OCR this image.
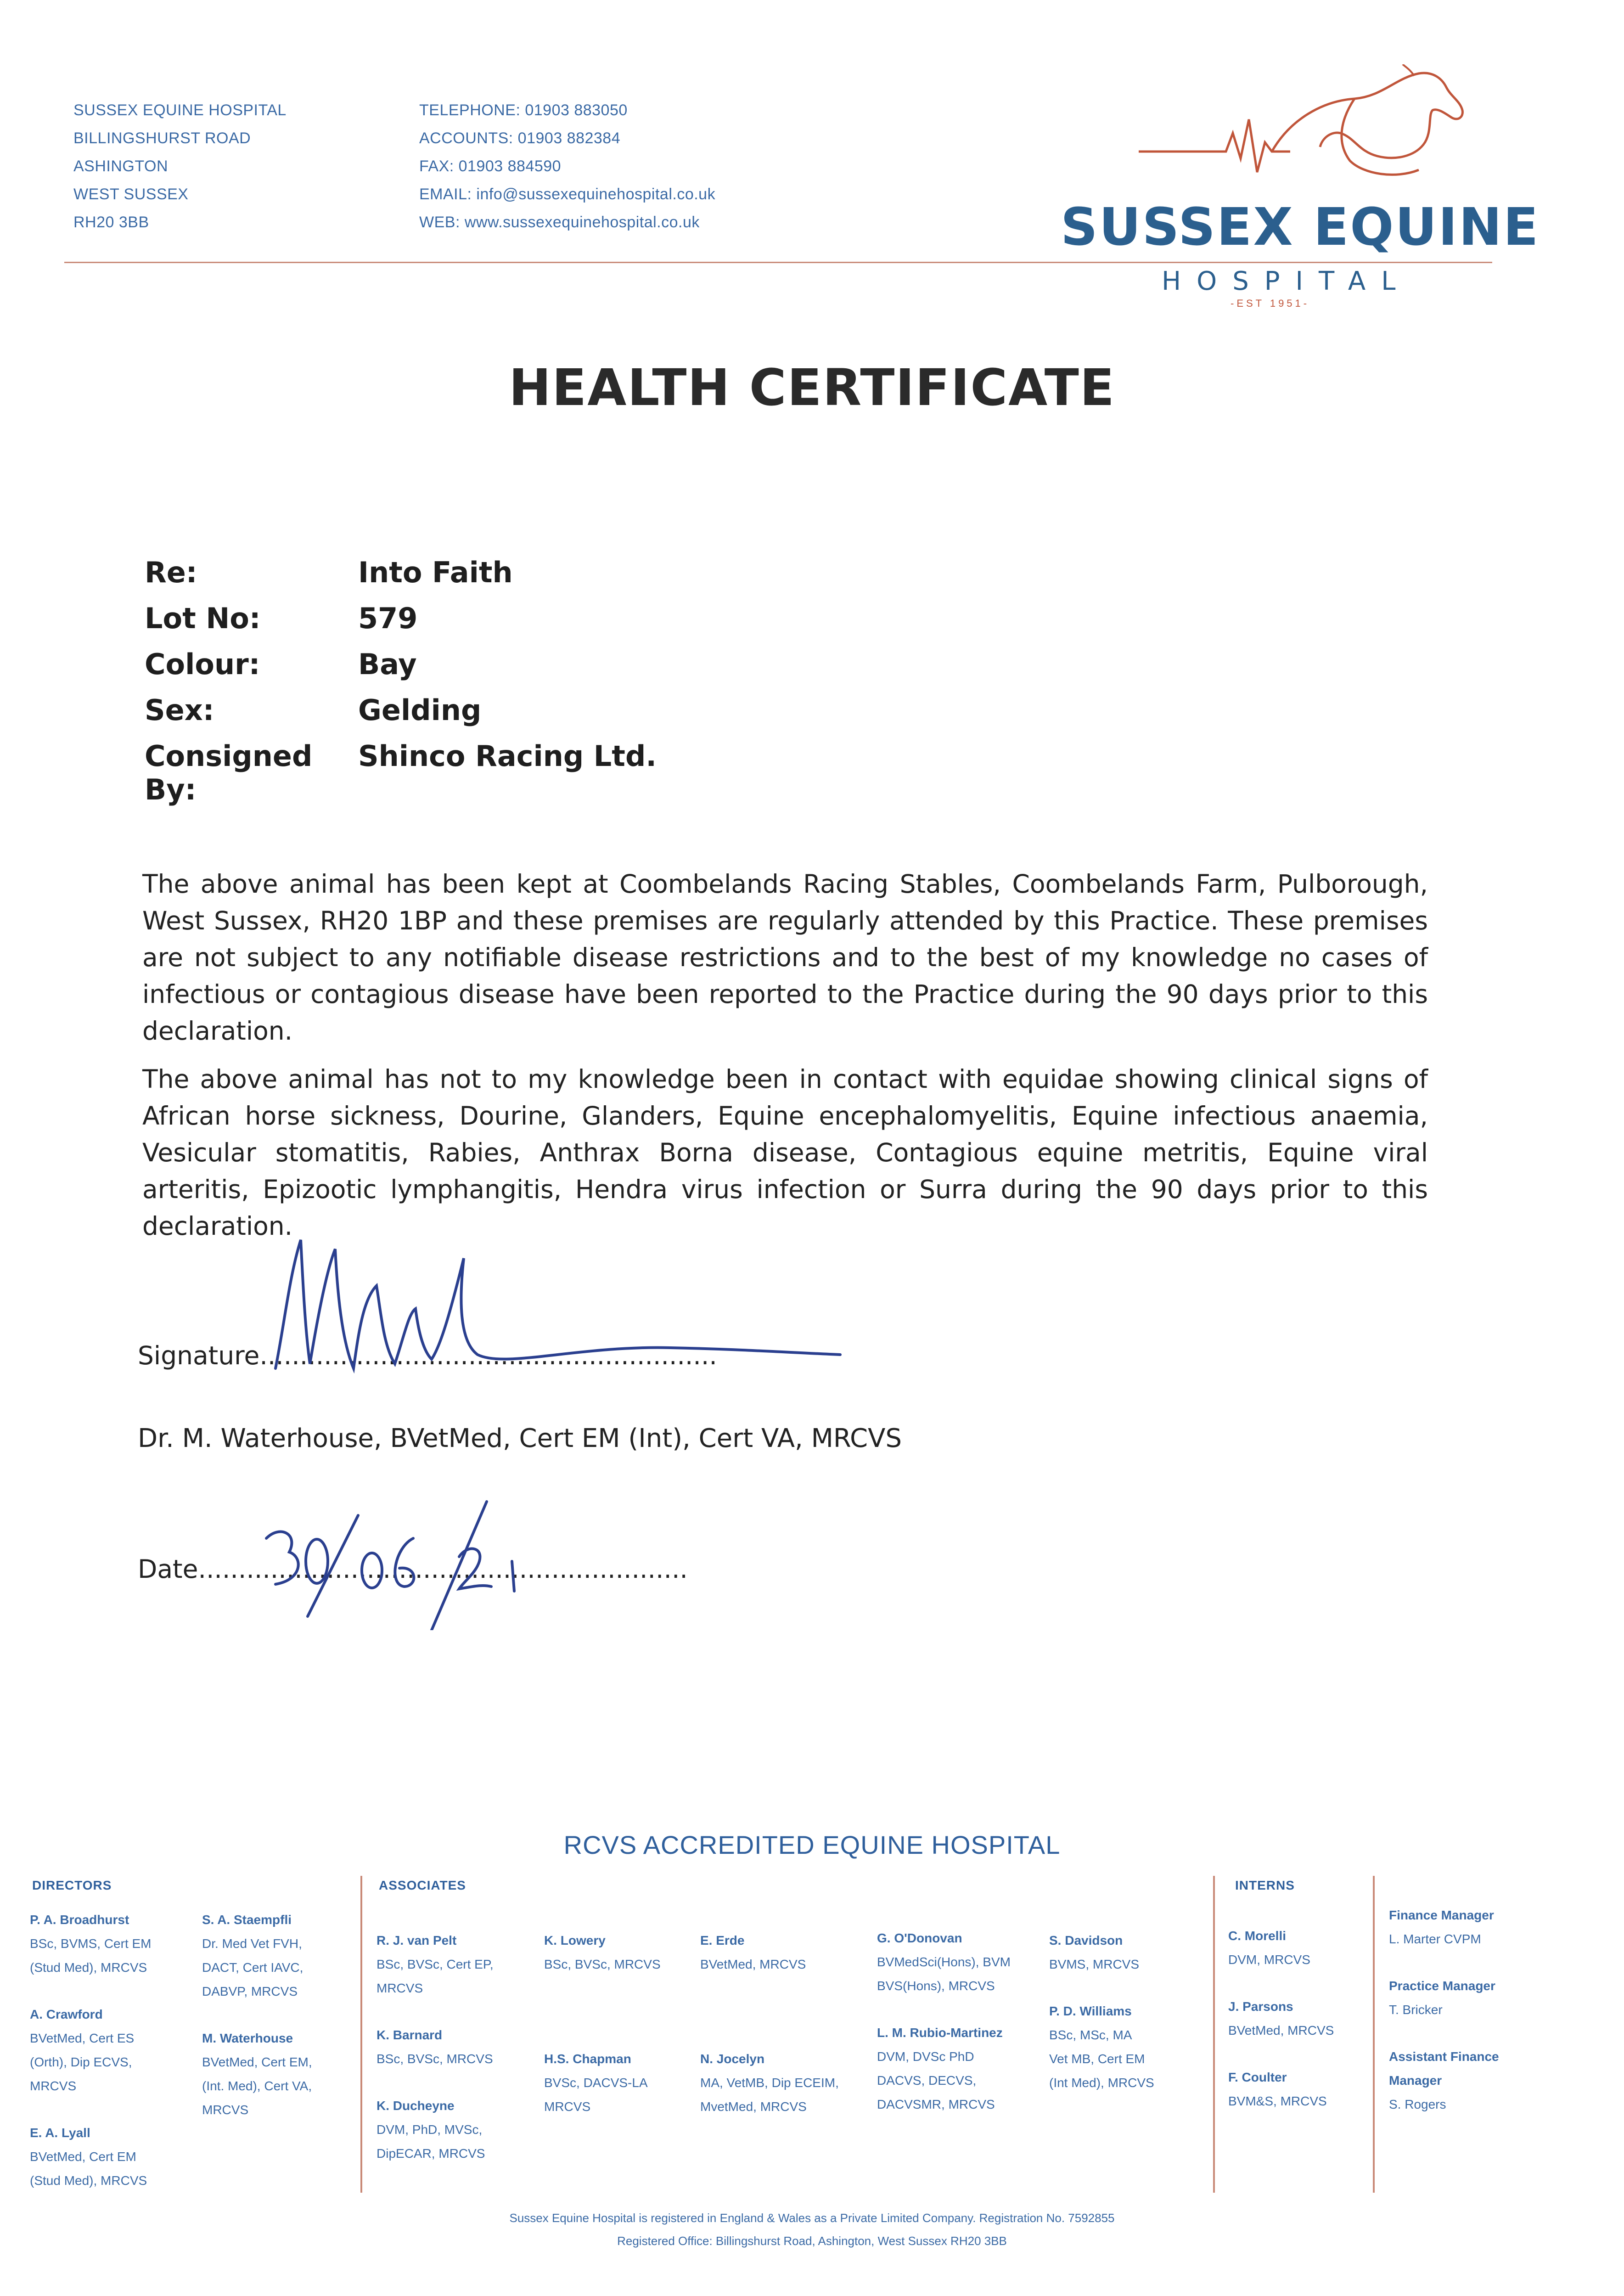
SUSSEX EQUINE HOSPITAL
BILLINGSHURST ROAD
ASHINGTON
WEST SUSSEX
RH20 3BB
TELEPHONE: 01903 883050
ACCOUNTS: 01903 882384
FAX: 01903 884590
EMAIL: info@sussexequinehospital.co.uk
WEB: www.sussexequinehospital.co.uk	SUSSEX EQUINE
HOSPITAL
-EST 1951-
HEALTH CERTIFICATE
Re:	Into Faith
Lot No:	579
Colour:	Bay
Sex:	Gelding
Consigned By:
Shinco Racing Ltd.
The above animal has been kept at Coombelands Racing Stables, Coombelands Farm, Pulborough, West Sussex, RH20 1BP and these premises are regularly attended by this Practice. These premises are not subject to any notifiable disease restrictions and to the best of my knowledge no cases of infectious or contagious disease have been reported to the Practice during the 90 days prior to this declaration.
The above animal has not to my knowledge been in contact with equidae showing clinical signs of African horse sickness, Dourine, Glanders, Equine encephalomyelitis, Equine infectious anaemia, Vesicular stomatitis, Rabies, Anthrax Borna disease, Contagious equine metritis, Equine viral arteritis, Epizootic lymphangitis, Hendra virus infection or Surra during the 90 days prior to this declaration.
Signature.........................................................
Dr. M. Waterhouse, BVetMed, Cert EM (Int), Cert VA, MRCVS
Date.............................................................
RCVS ACCREDITED EQUINE HOSPITAL
DIRECTORS	ASSOCIATES	INTERNS
P. A. Broadhurst
BSc, BVMS, Cert EM
(Stud Med), MRCVS
A. Crawford
BVetMed, Cert ES
(Orth), Dip ECVS,
MRCVS
E. A. Lyall
BVetMed, Cert EM
(Stud Med), MRCVS
S. A. Staempfli
Dr. Med Vet FVH,
DACT, Cert IAVC,
DABVP, MRCVS
M. Waterhouse
BVetMed, Cert EM,
(Int. Med), Cert VA,
MRCVS
R. J. van Pelt
BSc, BVSc, Cert EP,
MRCVS
K. Barnard
BSc, BVSc, MRCVS
K. Ducheyne
DVM, PhD, MVSc,
DipECAR, MRCVS
K. Lowery
BSc, BVSc, MRCVS
H.S. Chapman
BVSc, DACVS-LA
MRCVS
E. Erde
BVetMed, MRCVS
N. Jocelyn
MA, VetMB, Dip ECEIM,
MvetMed, MRCVS
G. O'Donovan
BVMedSci(Hons), BVM
BVS(Hons), MRCVS
L. M. Rubio-Martinez
DVM, DVSc PhD
DACVS, DECVS,
DACVSMR, MRCVS
S. Davidson
BVMS, MRCVS
P. D. Williams
BSc, MSc, MA
Vet MB, Cert EM
(Int Med), MRCVS
C. Morelli
DVM, MRCVS
J. Parsons
BVetMed, MRCVS
F. Coulter
BVM&S, MRCVS
Finance Manager
L. Marter CVPM
Practice Manager
T. Bricker
Assistant Finance
Manager
S. Rogers
Sussex Equine Hospital is registered in England & Wales as a Private Limited Company. Registration No. 7592855
Registered Office: Billingshurst Road, Ashington, West Sussex RH20 3BB
